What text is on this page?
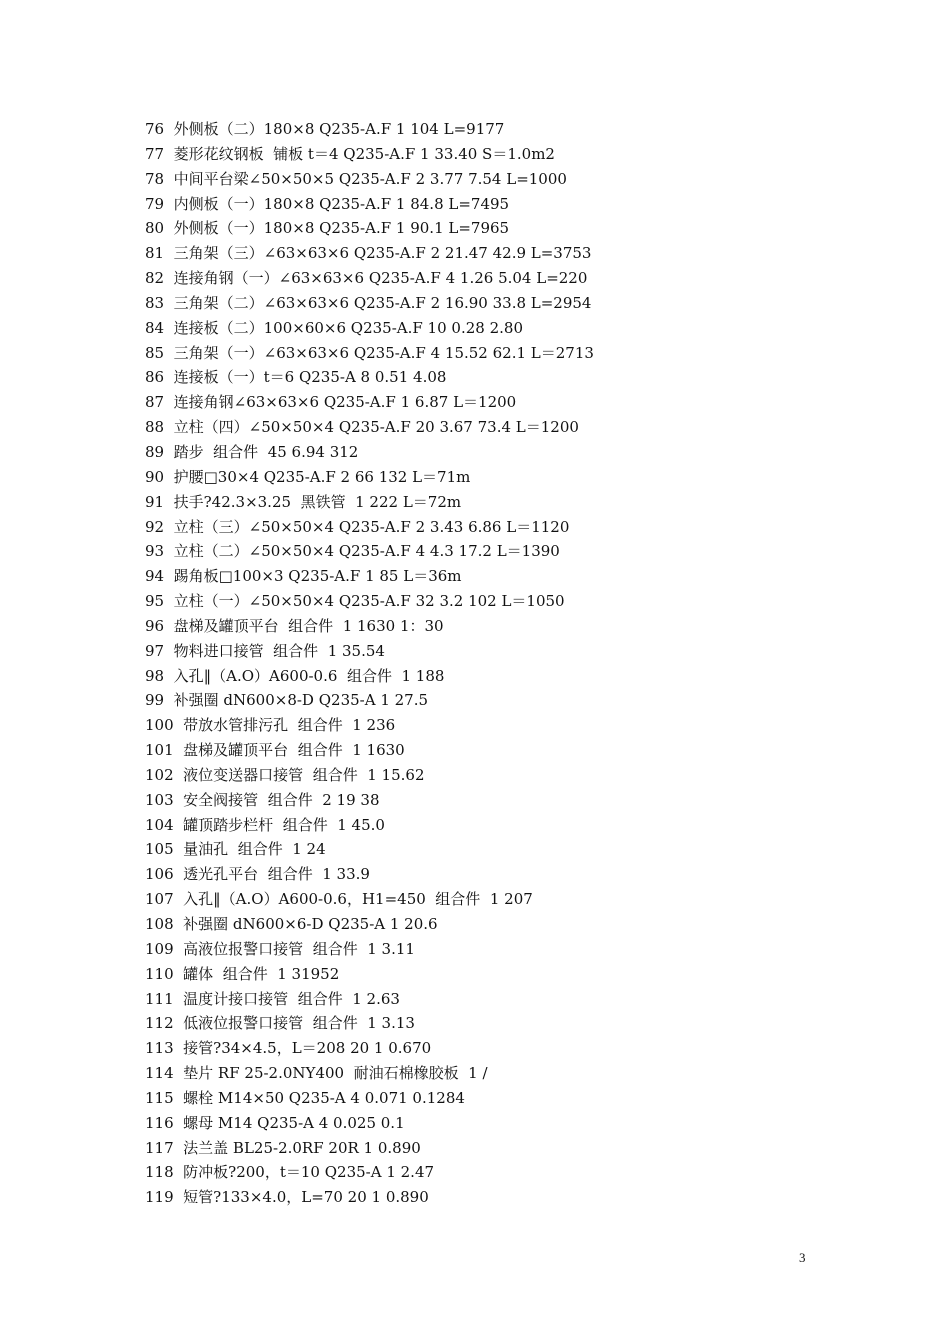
76  外侧板（二）180×8 Q235-A.F 1 104 L=9177
77  菱形花纹钢板  铺板 t＝4 Q235-A.F 1 33.40 S＝1.0m2
78  中间平台梁∠50×50×5 Q235-A.F 2 3.77 7.54 L=1000
79  内侧板（一）180×8 Q235-A.F 1 84.8 L=7495
80  外侧板（一）180×8 Q235-A.F 1 90.1 L=7965
81  三角架（三）∠63×63×6 Q235-A.F 2 21.47 42.9 L=3753
82  连接角钢（一）∠63×63×6 Q235-A.F 4 1.26 5.04 L=220
83  三角架（二）∠63×63×6 Q235-A.F 2 16.90 33.8 L=2954
84  连接板（二）100×60×6 Q235-A.F 10 0.28 2.80
85  三角架（一）∠63×63×6 Q235-A.F 4 15.52 62.1 L＝2713
86  连接板（一）t＝6 Q235-A 8 0.51 4.08
87  连接角钢∠63×63×6 Q235-A.F 1 6.87 L＝1200
88  立柱（四）∠50×50×4 Q235-A.F 20 3.67 73.4 L＝1200
89  踏步  组合件  45 6.94 312
90  护腰□30×4 Q235-A.F 2 66 132 L＝71m
91  扶手?42.3×3.25  黑铁管  1 222 L＝72m
92  立柱（三）∠50×50×4 Q235-A.F 2 3.43 6.86 L＝1120
93  立柱（二）∠50×50×4 Q235-A.F 4 4.3 17.2 L＝1390
94  踢角板□100×3 Q235-A.F 1 85 L＝36m
95  立柱（一）∠50×50×4 Q235-A.F 32 3.2 102 L＝1050
96  盘梯及罐顶平台  组合件  1 1630 1：30
97  物料进口接管  组合件  1 35.54
98  入孔‖（A.O）A600-0.6  组合件  1 188
99  补强圈 dN600×8-D Q235-A 1 27.5
100  带放水管排污孔  组合件  1 236
101  盘梯及罐顶平台  组合件  1 1630
102  液位变送器口接管  组合件  1 15.62
103  安全阀接管  组合件  2 19 38
104  罐顶踏步栏杆  组合件  1 45.0
105  量油孔  组合件  1 24
106  透光孔平台  组合件  1 33.9
107  入孔‖（A.O）A600-0.6，H1=450  组合件  1 207
108  补强圈 dN600×6-D Q235-A 1 20.6
109  高液位报警口接管  组合件  1 3.11
110  罐体  组合件  1 31952
111  温度计接口接管  组合件  1 2.63
112  低液位报警口接管  组合件  1 3.13
113  接管?34×4.5，L＝208 20 1 0.670
114  垫片 RF 25-2.0NY400  耐油石棉橡胶板  1 /
115  螺栓 M14×50 Q235-A 4 0.071 0.1284
116  螺母 M14 Q235-A 4 0.025 0.1
117  法兰盖 BL25-2.0RF 20R 1 0.890
118  防冲板?200，t＝10 Q235-A 1 2.47
119  短管?133×4.0，L=70 20 1 0.890
3
